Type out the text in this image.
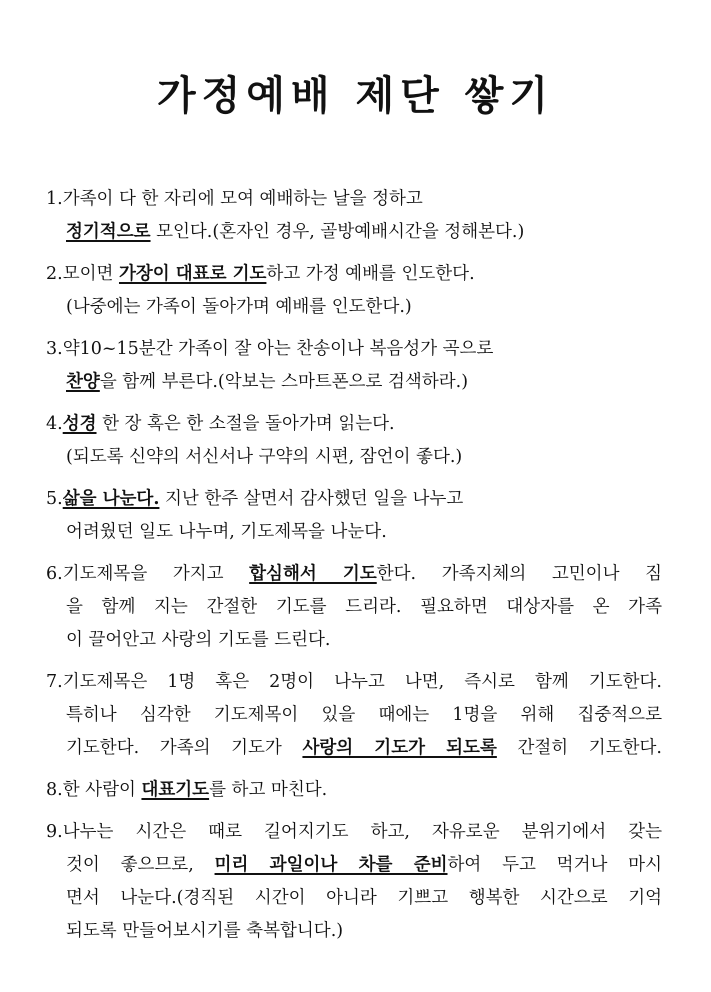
가정예배 제단 쌓기
1.가족이 다 한 자리에 모여 예배하는 날을 정하고
정기적으로 모인다.(혼자인 경우, 골방예배시간을 정해본다.)
2.모이면 가장이 대표로 기도하고 가정 예배를 인도한다.
(나중에는 가족이 돌아가며 예배를 인도한다.)
3.약10~15분간 가족이 잘 아는 찬송이나 복음성가 곡으로
찬양을 함께 부른다.(악보는 스마트폰으로 검색하라.)
4.성경 한 장 혹은 한 소절을 돌아가며 읽는다.
(되도록 신약의 서신서나 구약의 시편, 잠언이 좋다.)
5.삶을 나눈다. 지난 한주 살면서 감사했던 일을 나누고
어려웠던 일도 나누며, 기도제목을 나눈다.
6.기도제목을 가지고 합심해서 기도한다. 가족지체의 고민이나 짐
을 함께 지는 간절한 기도를 드리라. 필요하면 대상자를 온 가족
이 끌어안고 사랑의 기도를 드린다.
7.기도제목은 1명 혹은 2명이 나누고 나면, 즉시로 함께 기도한다.
특히나 심각한 기도제목이 있을 때에는 1명을 위해 집중적으로
기도한다. 가족의 기도가 사랑의 기도가 되도록 간절히 기도한다.
8.한 사람이 대표기도를 하고 마친다.
9.나누는 시간은 때로 길어지기도 하고, 자유로운 분위기에서 갖는
것이 좋으므로, 미리 과일이나 차를 준비하여 두고 먹거나 마시
면서 나눈다.(경직된 시간이 아니라 기쁘고 행복한 시간으로 기억
되도록 만들어보시기를 축복합니다.)
